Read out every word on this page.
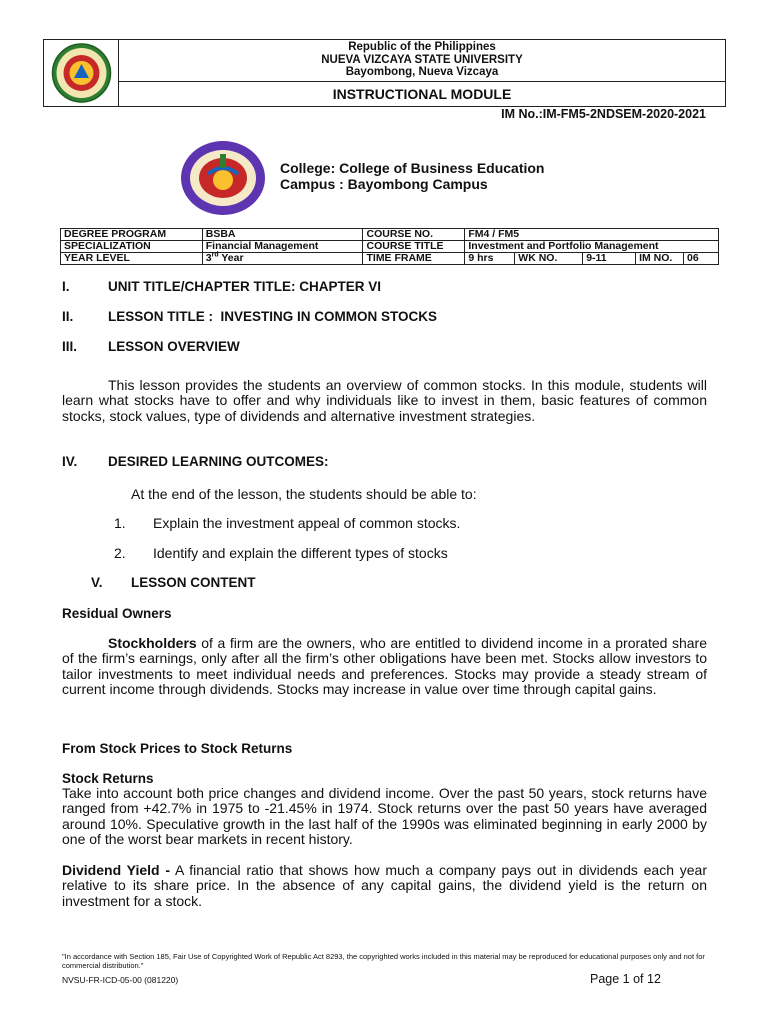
Republic of the Philippines
NUEVA VIZCAYA STATE UNIVERSITY
Bayombong, Nueva Vizcaya
INSTRUCTIONAL MODULE
IM No.:IM-FM5-2NDSEM-2020-2021
College: College of Business Education
Campus : Bayombong Campus
DEGREE PROGRAM	BSBA	COURSE NO.	FM4 / FM5				
SPECIALIZATION	Financial Management	COURSE TITLE	Investment and Portfolio Management				
YEAR LEVEL	3rd Year	TIME FRAME	9 hrs	WK NO.	9-11	IM NO.	06
I.	UNIT TITLE/CHAPTER TITLE: CHAPTER VI
II.	LESSON TITLE :  INVESTING IN COMMON STOCKS
III. LESSON OVERVIEW

This lesson provides the students an overview of common stocks. In this module, students will learn what stocks have to offer and why individuals like to invest in them, basic features of common stocks, stock values, type of dividends and alternative investment strategies.

IV. DESIRED LEARNING OUTCOMES:
At the end of the lesson, the students should be able to:
1. Explain the investment appeal of common stocks.
2. Identify and explain the different types of stocks
V. LESSON CONTENT
Residual Owners

Stockholders of a firm are the owners, who are entitled to dividend income in a prorated share of the firm’s earnings, only after all the firm’s other obligations have been met. Stocks allow investors to tailor investments to meet individual needs and preferences. Stocks may provide a steady stream of current income through dividends. Stocks may increase in value over time through capital gains.

From Stock Prices to Stock Returns
Stock Returns

Take into account both price changes and dividend income. Over the past 50 years, stock returns have ranged from +42.7% in 1975 to -21.45% in 1974. Stock returns over the past 50 years have averaged around 10%. Speculative growth in the last half of the 1990s was eliminated beginning in early 2000 by one of the worst bear markets in recent history.

Dividend Yield - A financial ratio that shows how much a company pays out in dividends each year relative to its share price. In the absence of any capital gains, the dividend yield is the return on investment for a stock.

"In accordance with Section 185, Fair Use of Copyrighted Work of Republic Act 8293, the copyrighted works included in this material may be reproduced for educational purposes only and not for commercial distribution."
NVSU-FR-ICD-05-00 (081220)	Page 1 of 12
